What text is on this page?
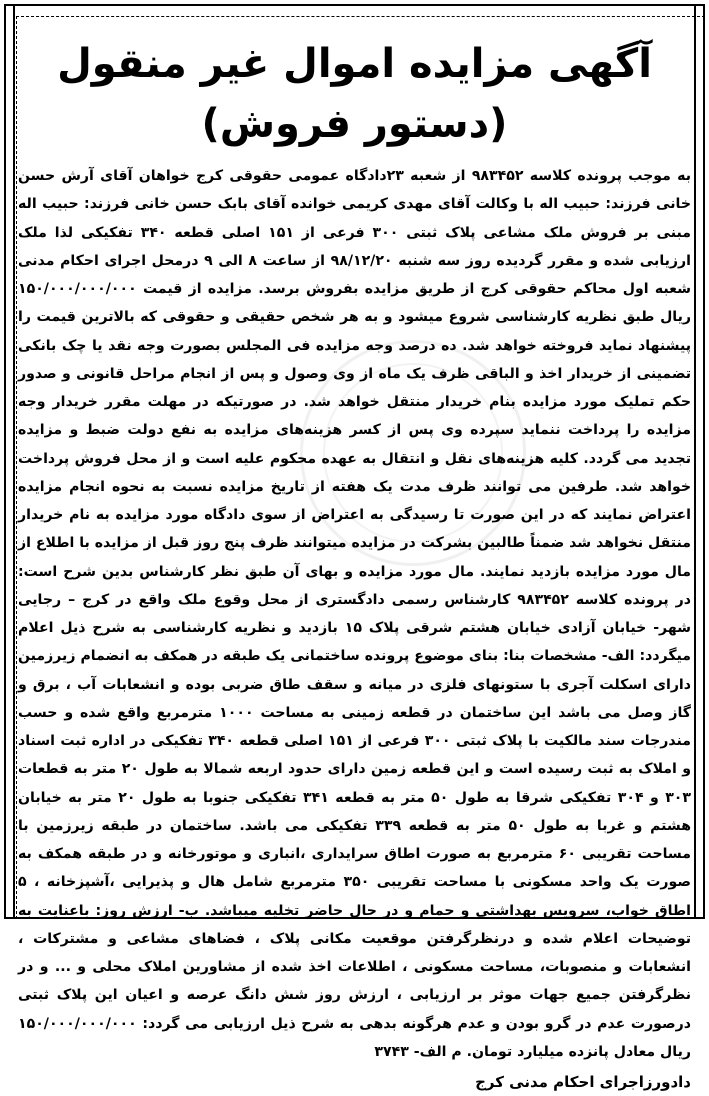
آگهی مزایده اموال غیر منقول (دستور فروش)

به موجب پرونده کلاسه ۹۸۳۴۵۲ از شعبه ۲۳دادگاه عمومی حقوقی کرج خواهان آقای آرش حسن خانی فرزند: حبیب اله با وکالت آقای مهدی کریمی خوانده آقای بابک حسن خانی فرزند: حبیب اله مبنی بر فروش ملک مشاعی پلاک ثبتی ۳۰۰ فرعی از ۱۵۱ اصلی قطعه ۳۴۰ تفکیکی لذا ملک ارزیابی شده و مقرر گردیده روز سه شنبه ۹۸/۱۲/۲۰ از ساعت ۸ الی ۹ درمحل اجرای احکام مدنی شعبه اول محاکم حقوقی کرج از طریق مزایده بفروش برسد. مزایده از قیمت ۱۵۰/۰۰۰/۰۰۰/۰۰۰ ریال طبق نظریه کارشناسی شروع میشود و به هر شخص حقیقی و حقوقی که بالاترین قیمت را پیشنهاد نماید فروخته خواهد شد. ده درصد وجه مزایده فی المجلس بصورت وجه نقد یا چک بانکی تضمینی از خریدار اخذ و الباقی ظرف یک ماه از وی وصول و پس از انجام مراحل قانونی و صدور حکم تملیک مورد مزایده بنام خریدار منتقل خواهد شد. در صورتیکه در مهلت مقرر خریدار وجه مزایده را پرداخت ننماید سپرده وی پس از کسر هزینه‌های مزایده به نفع دولت ضبط و مزایده تجدید می گردد. کلیه هزینه‌های نقل و انتقال به عهده محکوم علیه است و از محل فروش پرداخت خواهد شد. طرفین می توانند ظرف مدت یک هفته از تاریخ مزایده نسبت به نحوه انجام مزایده اعتراض نمایند که در این صورت تا رسیدگی به اعتراض از سوی دادگاه مورد مزایده به نام خریدار منتقل نخواهد شد ضمناً طالبین بشرکت در مزایده میتوانند ظرف پنج روز قبل از مزایده با اطلاع از مال مورد مزایده بازدید نمایند. مال مورد مزایده و بهای آن طبق نظر کارشناس بدین شرح است: در پرونده کلاسه ۹۸۳۴۵۲ کارشناس رسمی دادگستری از محل وقوع ملک واقع در کرج – رجایی شهر- خیابان آزادی خیابان هشتم شرقی پلاک ۱۵ بازدید و نظریه کارشناسی به شرح ذیل اعلام میگردد: الف- مشخصات بنا: بنای موضوع پرونده ساختمانی یک طبقه در همکف به انضمام زیرزمین دارای اسکلت آجری با ستونهای فلزی در میانه و سقف طاق ضربی بوده و انشعابات آب ، برق و گاز وصل می باشد این ساختمان در قطعه زمینی به مساحت ۱۰۰۰ مترمربع واقع شده و حسب مندرجات سند مالکیت با پلاک ثبتی ۳۰۰ فرعی از ۱۵۱ اصلی قطعه ۳۴۰ تفکیکی در اداره ثبت اسناد و املاک به ثبت رسیده است و این قطعه زمین دارای حدود اربعه شمالا به طول ۲۰ متر به قطعات ۳۰۳ و ۳۰۴ تفکیکی شرقا به طول ۵۰ متر به قطعه ۳۴۱ تفکیکی جنوبا به طول ۲۰ متر به خیابان هشتم و غربا به طول ۵۰ متر به قطعه ۳۳۹ تفکیکی می باشد. ساختمان در طبقه زیرزمین با مساحت تقریبی ۶۰ مترمربع به صورت اطاق سرایداری ،انباری و موتورخانه و در طبقه همکف به صورت یک واحد مسکونی با مساحت تقریبی ۳۵۰ مترمربع شامل هال و پذیرایی ،آشپزخانه ، ۵ اطاق خواب، سرویس بهداشتی و حمام و در حال حاضر تخلیه میباشد. ب- ارزش روز: باعنایت به توضیحات اعلام شده و درنظرگرفتن موقعیت مکانی پلاک ، فضاهای مشاعی و مشترکات ، انشعابات و منصوبات، مساحت مسکونی ، اطلاعات اخذ شده از مشاورین املاک محلی و ... و در نظرگرفتن جمیع جهات موثر بر ارزیابی ، ارزش روز شش دانگ عرصه و اعیان این پلاک ثبتی درصورت عدم در گرو بودن و عدم هرگونه بدهی به شرح ذیل ارزیابی می گردد: ۱۵۰/۰۰۰/۰۰۰/۰۰۰ ریال معادل پانزده میلیارد تومان. م الف- ۳۷۴۳

دادورزاجرای احکام مدنی کرج
